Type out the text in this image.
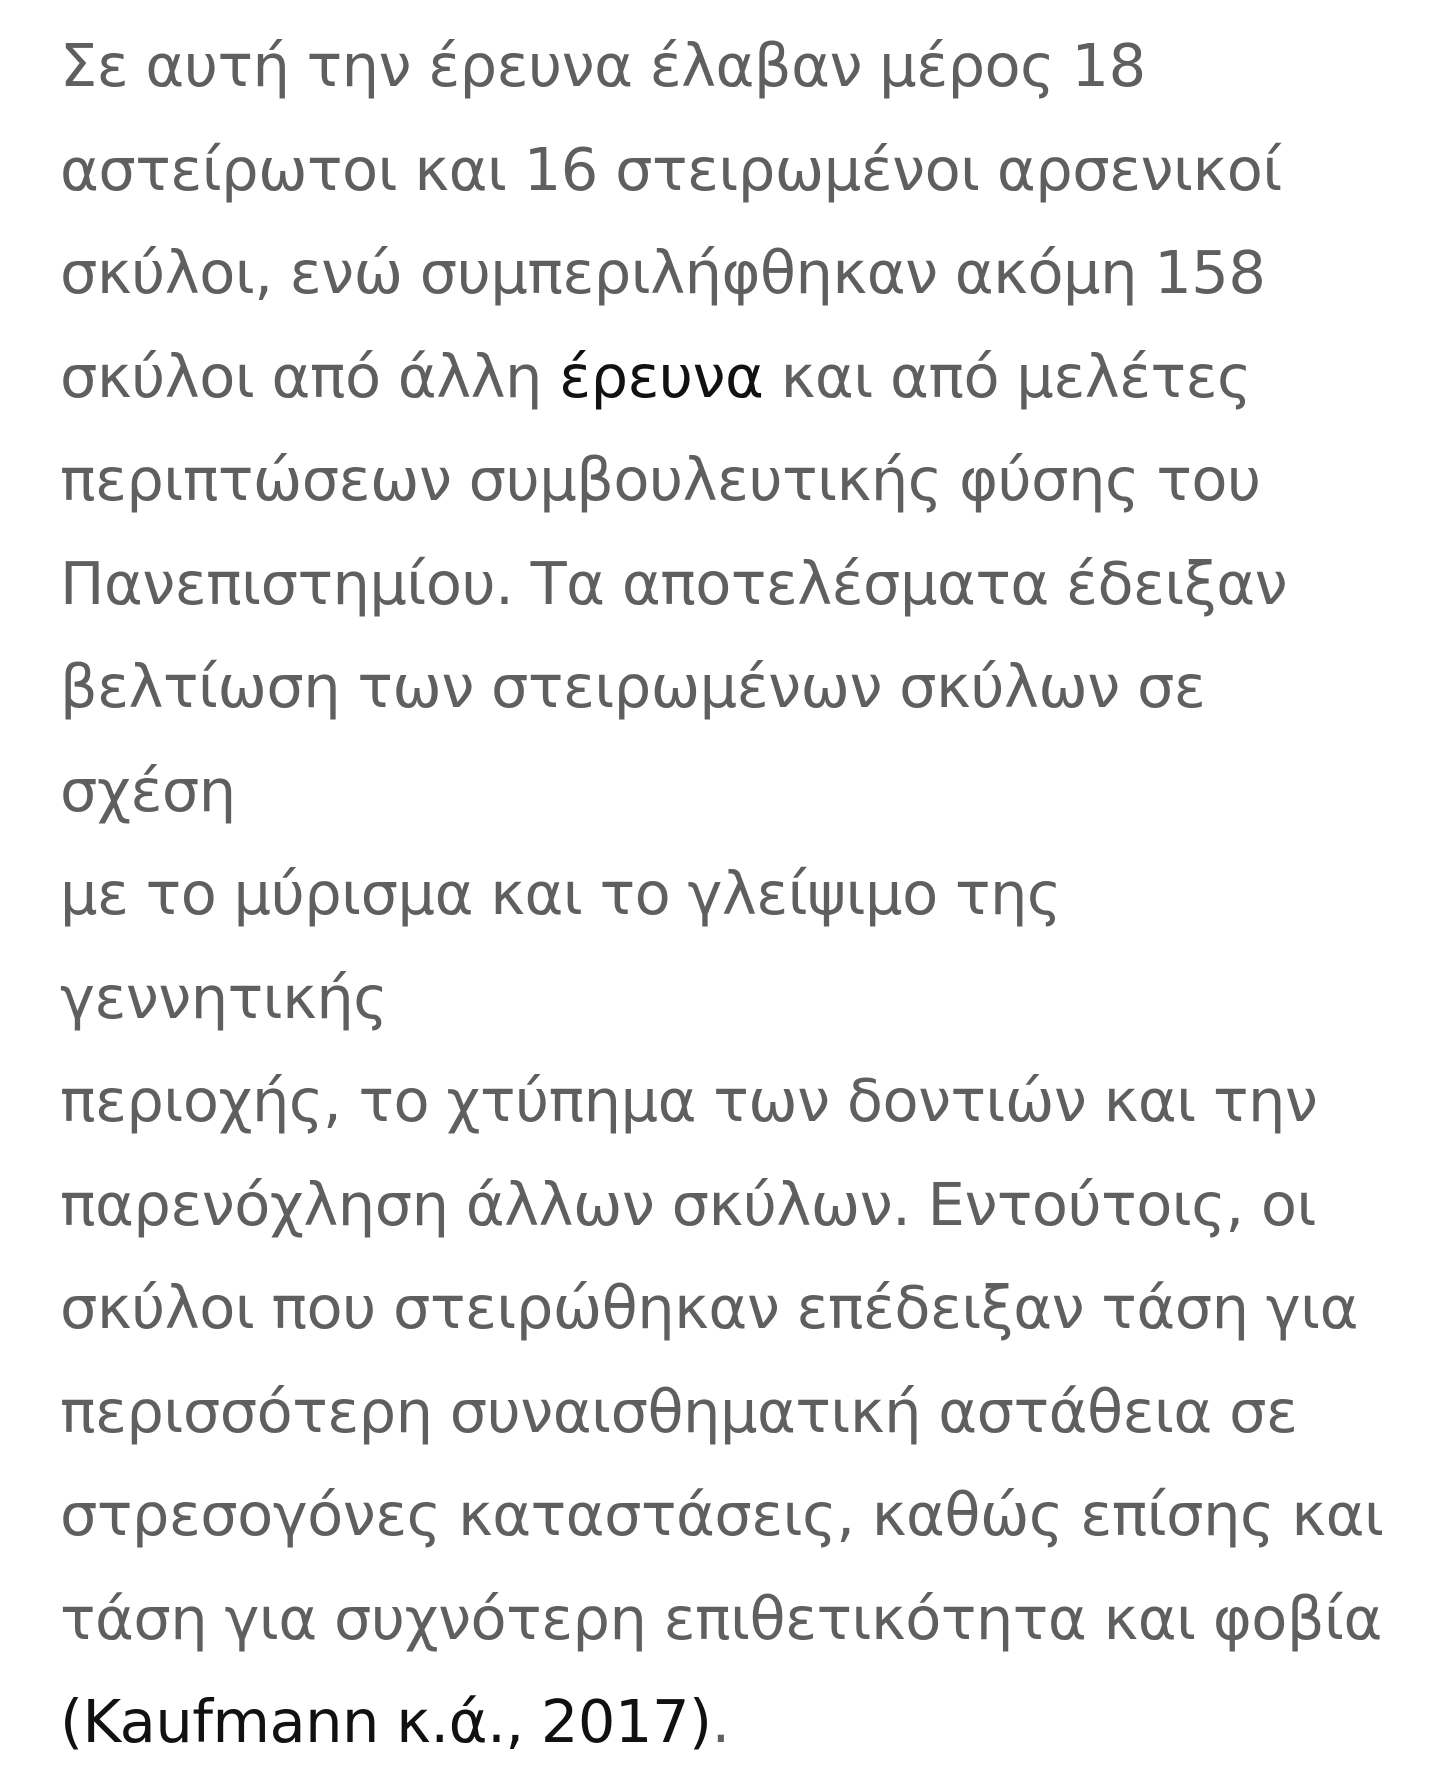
Σε αυτή την έρευνα έλαβαν μέρος 18
αστείρωτοι και 16 στειρωμένοι αρσενικοί
σκύλοι, ενώ συμπεριλήφθηκαν ακόμη 158
σκύλοι από άλλη έρευνα και από μελέτες
περιπτώσεων συμβουλευτικής φύσης του
Πανεπιστημίου. Τα αποτελέσματα έδειξαν
βελτίωση των στειρωμένων σκύλων σε σχέση
με το μύρισμα και το γλείψιμο της γεννητικής
περιοχής, το χτύπημα των δοντιών και την
παρενόχληση άλλων σκύλων. Εντούτοις, οι
σκύλοι που στειρώθηκαν επέδειξαν τάση για
περισσότερη συναισθηματική αστάθεια σε
στρεσογόνες καταστάσεις, καθώς επίσης και
τάση για συχνότερη επιθετικότητα και φοβία
(Kaufmann κ.ά., 2017).
